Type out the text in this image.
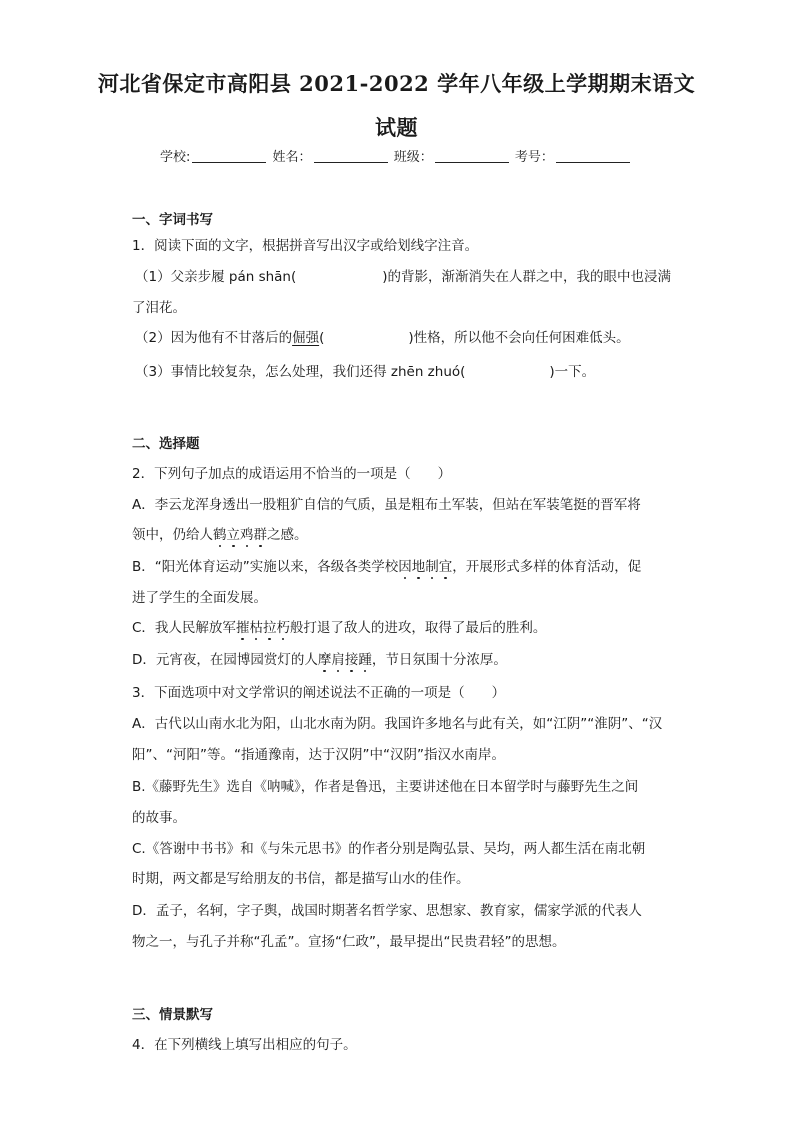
河北省保定市高阳县 2021-2022 学年八年级上学期期末语文
试题
学校:	姓名：	班级：	考号：
一、字词书写
1．阅读下面的文字，根据拼音写出汉字或给划线字注音。
（1）父亲步履 pán shān(	)的背影，渐渐消失在人群之中，我的眼中也浸满
了泪花。
（2）因为他有不甘落后的倔强(	)性格，所以他不会向任何困难低头。
（3）事情比较复杂，怎么处理，我们还得 zhēn zhuó(	)一下。
二、选择题
2．下列句子加点的成语运用不恰当的一项是（　　）
A．李云龙浑身透出一股粗犷自信的气质，虽是粗布土军装，但站在军装笔挺的晋军将
领中，仍给人鹤立鸡群之感。
B．“阳光体育运动”实施以来，各级各类学校因地制宜，开展形式多样的体育活动，促
进了学生的全面发展。
C．我人民解放军摧枯拉朽般打退了敌人的进攻，取得了最后的胜利。
D．元宵夜，在园博园赏灯的人摩肩接踵，节日氛围十分浓厚。
3．下面选项中对文学常识的阐述说法不正确的一项是（　　）
A．古代以山南水北为阳，山北水南为阴。我国许多地名与此有关，如“江阴”“淮阴”、“汉
阳”、“河阳”等。“指通豫南，达于汉阴”中“汉阴”指汉水南岸。
B.《藤野先生》选自《呐喊》，作者是鲁迅，主要讲述他在日本留学时与藤野先生之间
的故事。
C.《答谢中书书》和《与朱元思书》的作者分别是陶弘景、吴均，两人都生活在南北朝
时期，两文都是写给朋友的书信，都是描写山水的佳作。
D．孟子，名轲，字子舆，战国时期著名哲学家、思想家、教育家，儒家学派的代表人
物之一，与孔子并称“孔孟”。宣扬“仁政”，最早提出“民贵君轻”的思想。
三、情景默写
4．在下列横线上填写出相应的句子。
